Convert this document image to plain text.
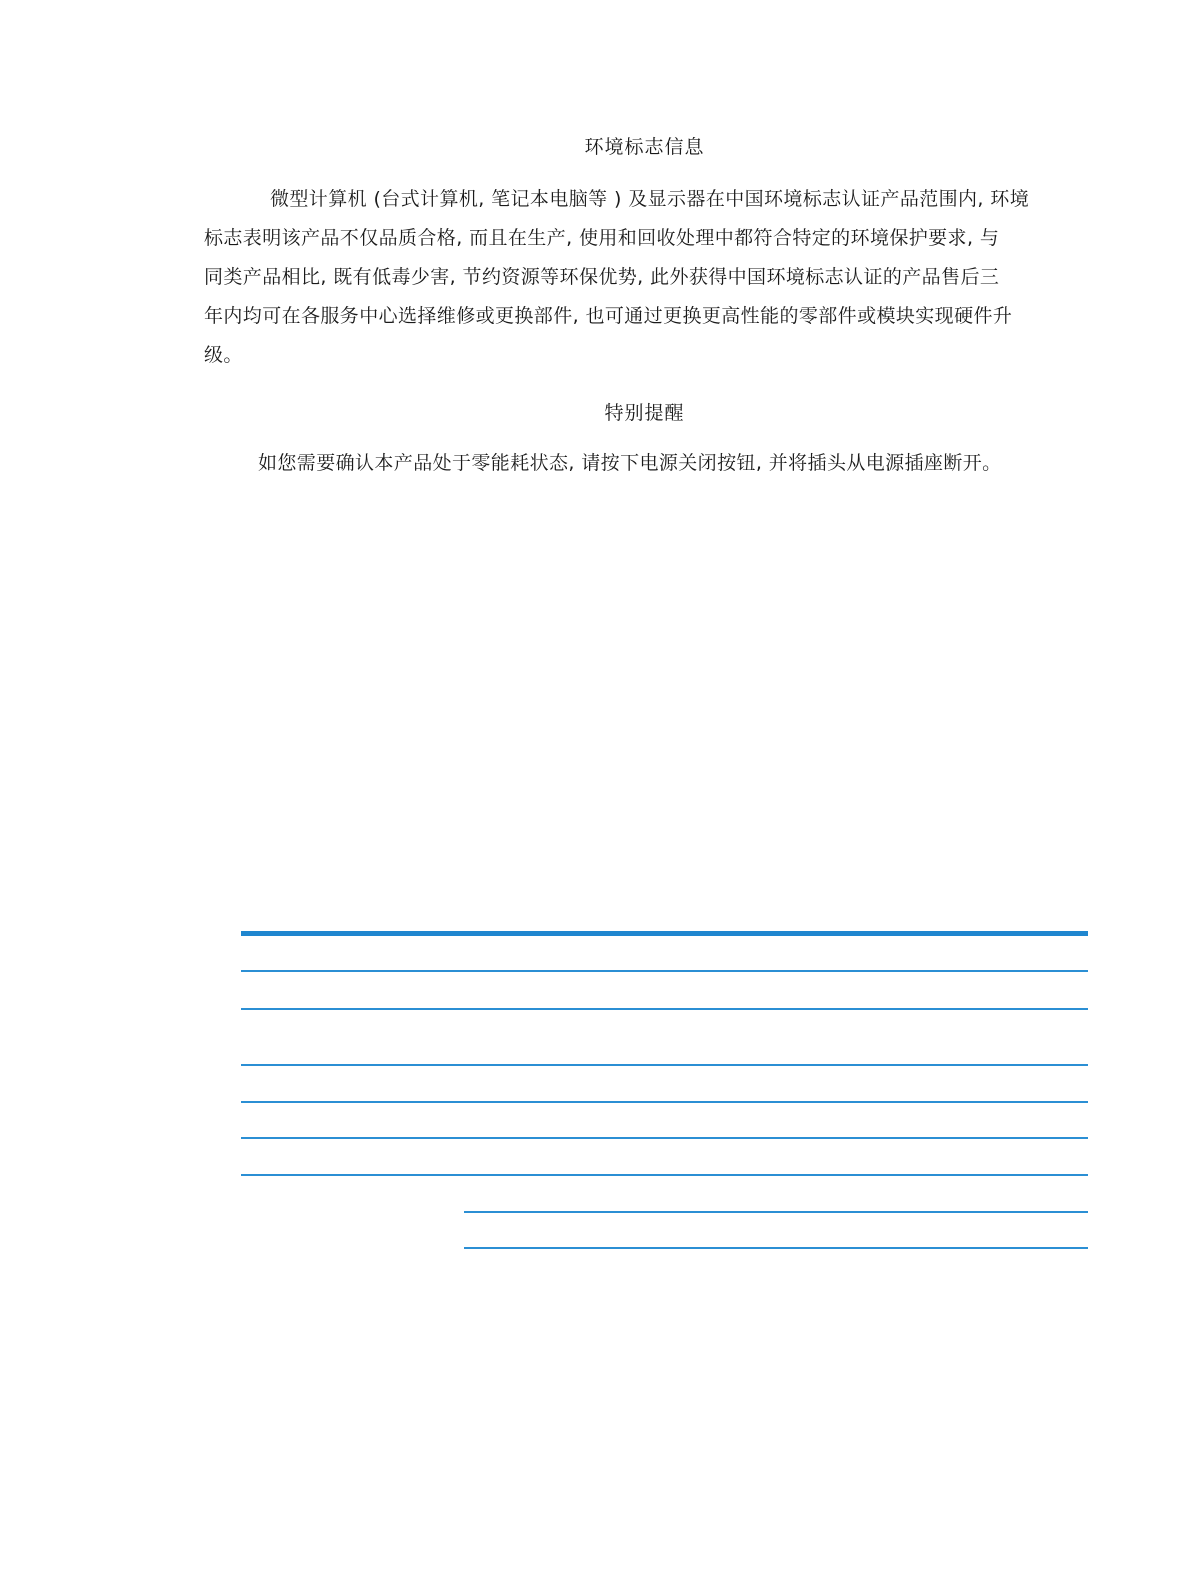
环境标志信息
微型计算机 (台式计算机, 笔记本电脑等 ) 及显示器在中国环境标志认证产品范围内, 环境
标志表明该产品不仅品质合格, 而且在生产, 使用和回收处理中都符合特定的环境保护要求, 与
同类产品相比, 既有低毒少害, 节约资源等环保优势, 此外获得中国环境标志认证的产品售后三
年内均可在各服务中心选择维修或更换部件, 也可通过更换更高性能的零部件或模块实现硬件升
级。
特别提醒
如您需要确认本产品处于零能耗状态, 请按下电源关闭按钮, 并将插头从电源插座断开。
